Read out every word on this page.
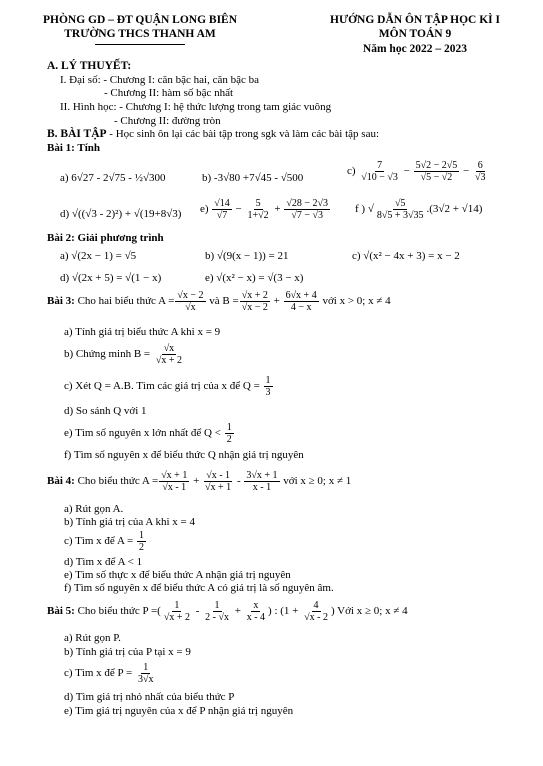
PHÒNG GD – ĐT QUẬN LONG BIÊN
TRƯỜNG THCS THANH AM
HƯỚNG DẪN ÔN TẬP HỌC KÌ I
MÔN TOÁN 9
Năm học 2022 – 2023
A. LÝ THUYẾT:
I. Đại số: - Chương I: căn bậc hai, căn bậc ba
- Chương II: hàm số bậc nhất
II. Hình học: - Chương I: hệ thức lượng trong tam giác vuông
- Chương II: đường tròn
B. BÀI TẬP - Học sinh ôn lại các bài tập trong sgk và làm các bài tập sau:
Bài 1: Tính
a) 6√27 - 2√75 - ½√300	b) -3√80 +7√45 - √500
$c) \frac{7}{√10 - √3} - \frac{5√2 - 2√5}{√5 - √2} - \frac{6}{√3}$
d) √((√3 - 2)²) + √(19+8√3) $e) \frac{√14}{√7} - \frac{5}{1+√2} + \frac{√28 - 2√3}{√7 - √3}$ f ) √ $\frac{√5}{8√5 + 3√35} .(3√2 + √14)$
Bài 2: Giải phương trình
a) √(2x − 1) = √5	b) √(9(x − 1)) = 21	c) √(x² − 4x + 3) = x − 2
d) √(2x + 5) = √(1 − x)	e) √(x² − x) = √(3 − x)
Bài 3: Cho hai biểu thức $A = \frac{√x - 2}{√x}$ và $B = \frac{√x + 2}{√x - 2} + \frac{6√x + 4}{4 - x}$ với x > 0; x ≠ 4
a) Tính giá trị biểu thức A khi x = 9
b) Chứng minh $B = \frac{√x}{√x + 2}$
c) Xét Q = A.B. Tìm các giá trị của x để $Q = \frac{1}{3}$
d) So sánh Q với 1
e) Tìm số nguyên x lớn nhất để $Q < \frac{1}{2}$
f) Tìm số nguyên x để biểu thức Q nhận giá trị nguyên
Bài 4: Cho biểu thức $A = \frac{√x + 1}{√x - 1} + \frac{√x - 1}{√x + 1} - \frac{3√x + 1}{x - 1}$ với x ≥ 0; x ≠ 1
a) Rút gọn A.
b) Tính giá trị của A khi x = 4
c) Tìm x để $A = \frac{1}{2}$
d) Tìm x để A < 1
e) Tìm số thực x để biểu thức A nhận giá trị nguyên
f) Tìm số nguyên x để biểu thức A có giá trị là số nguyên âm.
Bài 5: Cho biểu thức P =( $\frac{1}{√x + 2} - \frac{1}{2 - √x} + \frac{x}{x - 4}$ ) : ($1 + \frac{4}{√x - 2}$ ) Với x ≥ 0; x ≠ 4
a) Rút gọn P.
b) Tính giá trị của P tại x = 9
c) Tìm x để $P = \frac{1}{3√x}$
d) Tìm giá trị nhỏ nhất của biểu thức P
e) Tìm giá trị nguyên của x để P nhận giá trị nguyên
